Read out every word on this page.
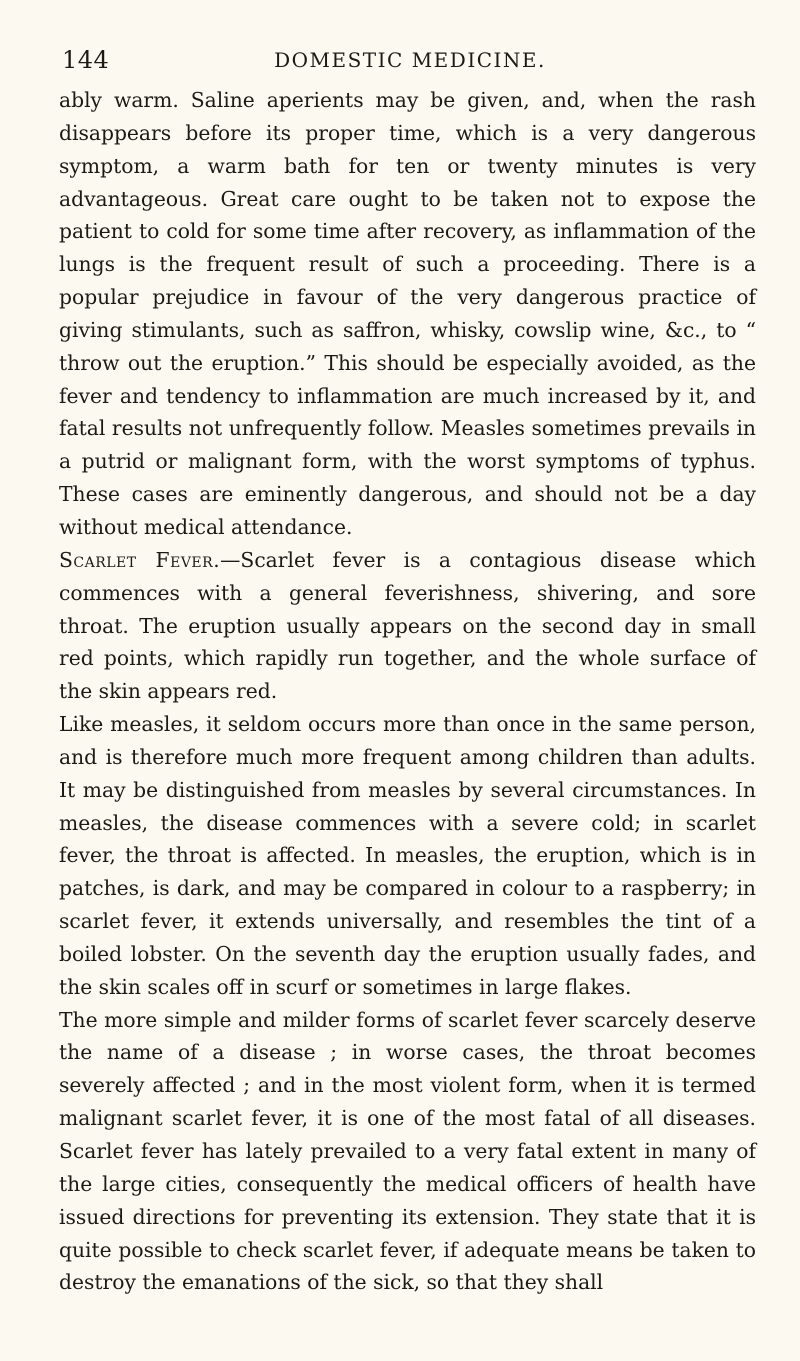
144	DOMESTIC MEDICINE.

ably warm. Saline aperients may be given, and, when the rash disappears before its proper time, which is a very dangerous symptom, a warm bath for ten or twenty minutes is very advantageous. Great care ought to be taken not to expose the patient to cold for some time after recovery, as inflammation of the lungs is the frequent result of such a proceeding. There is a popular prejudice in favour of the very dangerous practice of giving stimulants, such as saffron, whisky, cowslip wine, &c., to “ throw out the eruption.” This should be especially avoided, as the fever and tendency to inflammation are much increased by it, and fatal results not unfrequently follow. Measles sometimes prevails in a putrid or malignant form, with the worst symptoms of typhus. These cases are eminently dangerous, and should not be a day without medical attendance.

Scarlet Fever.—Scarlet fever is a contagious disease which commences with a general feverishness, shivering, and sore throat. The eruption usually appears on the second day in small red points, which rapidly run together, and the whole surface of the skin appears red.

Like measles, it seldom occurs more than once in the same person, and is therefore much more frequent among children than adults. It may be distinguished from measles by several circumstances. In measles, the disease commences with a severe cold; in scarlet fever, the throat is affected. In measles, the eruption, which is in patches, is dark, and may be compared in colour to a raspberry; in scarlet fever, it extends universally, and resembles the tint of a boiled lobster. On the seventh day the eruption usually fades, and the skin scales off in scurf or sometimes in large flakes.

The more simple and milder forms of scarlet fever scarcely deserve the name of a disease ; in worse cases, the throat becomes severely affected ; and in the most violent form, when it is termed malignant scarlet fever, it is one of the most fatal of all diseases. Scarlet fever has lately prevailed to a very fatal extent in many of the large cities, consequently the medical officers of health have issued directions for preventing its extension. They state that it is quite possible to check scarlet fever, if adequate means be taken to destroy the emanations of the sick, so that they shall
